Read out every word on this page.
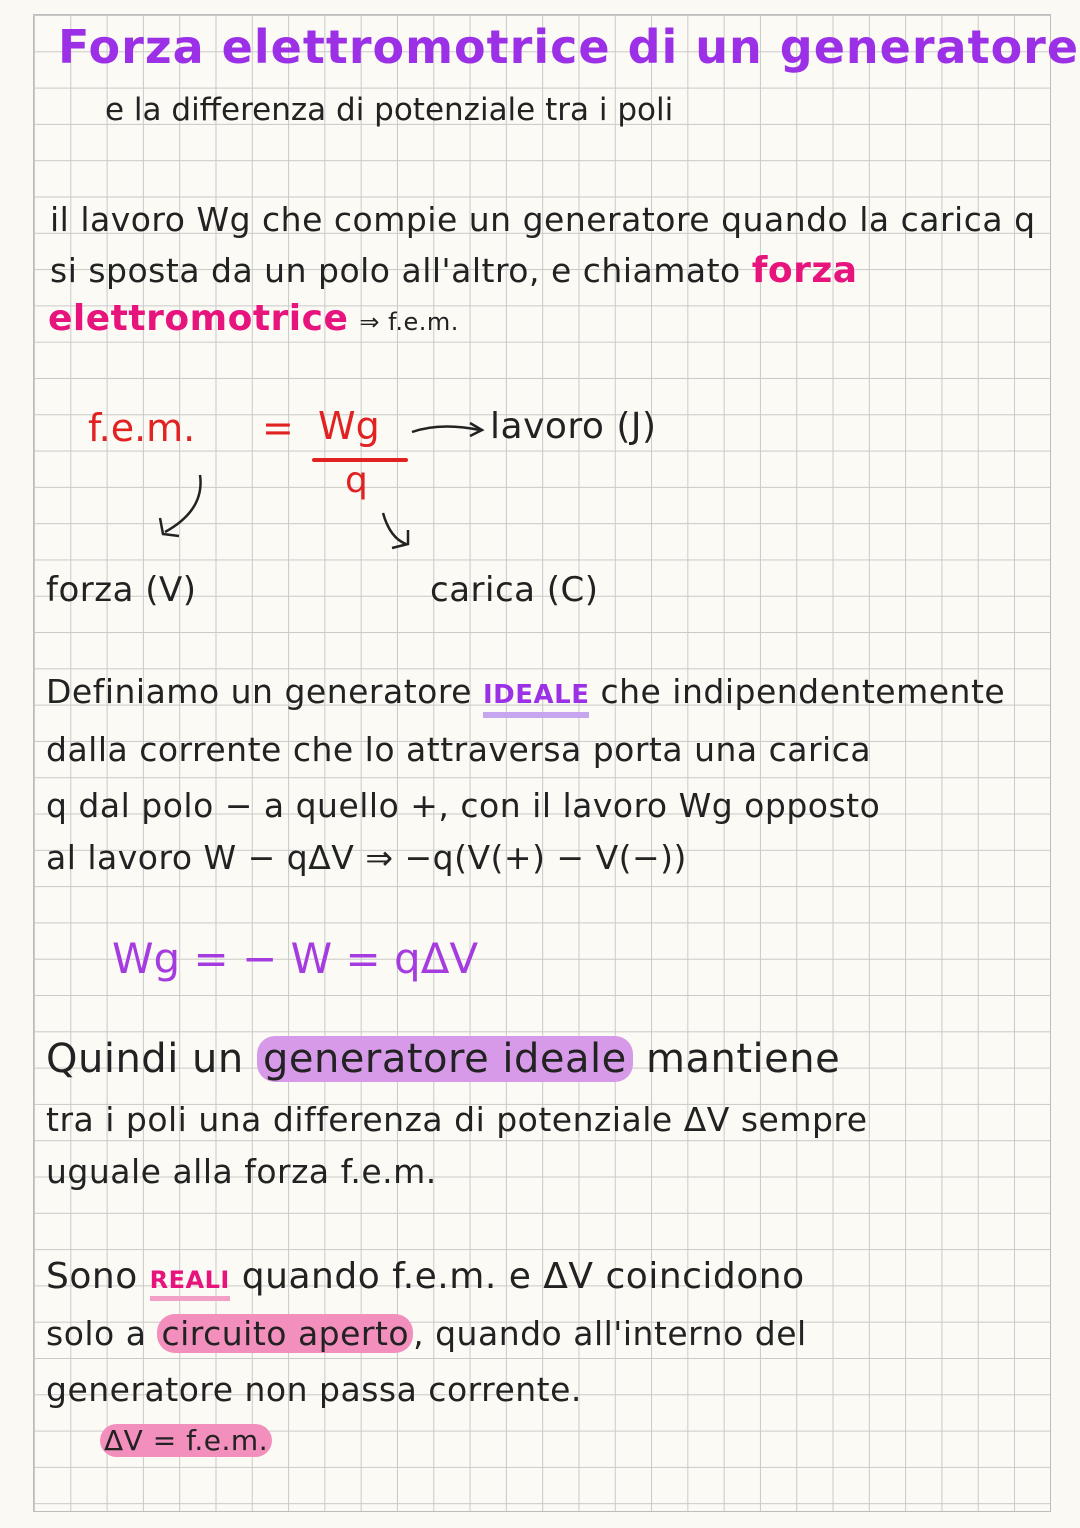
Forza elettromotrice di un generatore
e la differenza di potenziale tra i poli
il lavoro Wg che compie un generatore quando la carica q
si sposta da un polo all'altro, e chiamato forza
elettromotrice ⇒ f.e.m.
f.e.m. = Wg
q
lavoro (J)
forza (V)	carica (C)
Definiamo un generatore IDEALE che indipendentemente
dalla corrente che lo attraversa porta una carica
q dal polo − a quello +, con il lavoro Wg opposto
al lavoro W − qΔV ⇒ −q(V(+) − V(−))
Wg = − W = qΔV
Quindi un generatore ideale mantiene
tra i poli una differenza di potenziale ΔV sempre
uguale alla forza f.e.m.
Sono REALI quando f.e.m. e ΔV coincidono
solo a circuito aperto , quando all'interno del
generatore non passa corrente.
ΔV = f.e.m.
